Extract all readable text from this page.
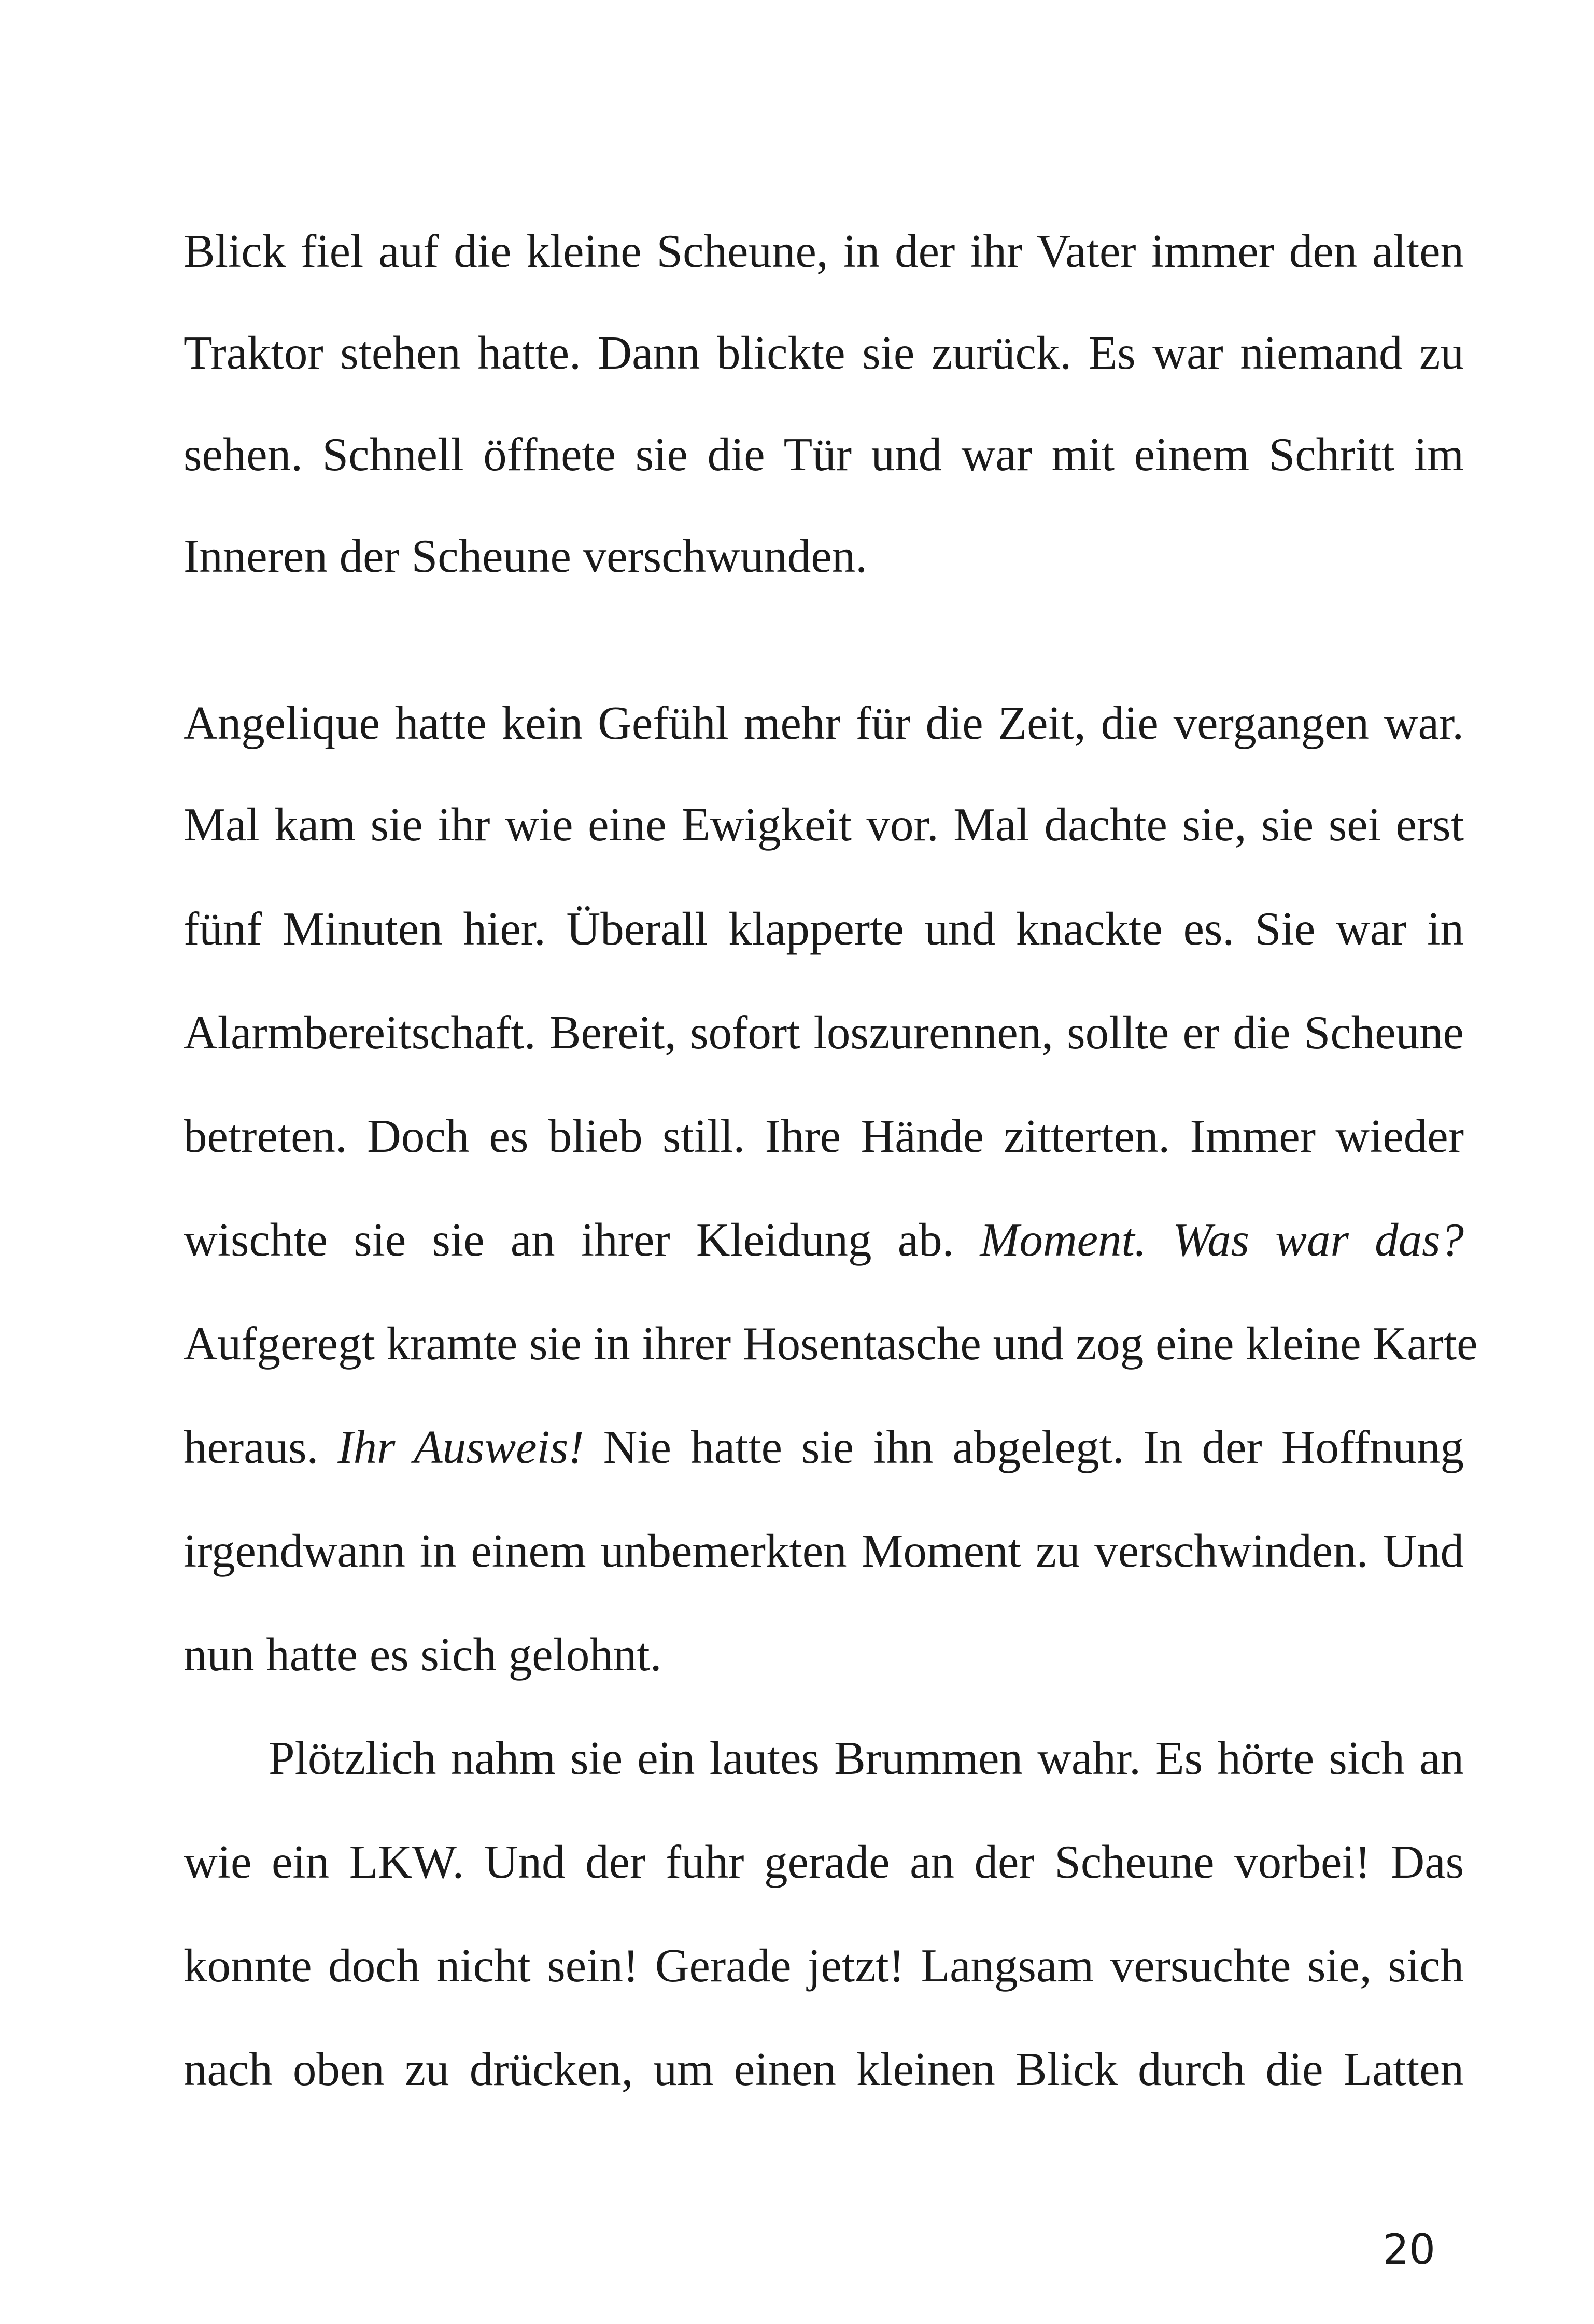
Blick fiel auf die kleine Scheune, in der ihr Vater immer den alten
Traktor stehen hatte. Dann blickte sie zurück. Es war niemand zu
sehen. Schnell öffnete sie die Tür und war mit einem Schritt im
Inneren der Scheune verschwunden.
Angelique hatte kein Gefühl mehr für die Zeit, die vergangen war.
Mal kam sie ihr wie eine Ewigkeit vor. Mal dachte sie, sie sei erst
fünf Minuten hier. Überall klapperte und knackte es. Sie war in
Alarmbereitschaft. Bereit, sofort loszurennen, sollte er die Scheune
betreten. Doch es blieb still. Ihre Hände zitterten. Immer wieder
wischte sie sie an ihrer Kleidung ab. Moment. Was war das?
Aufgeregt kramte sie in ihrer Hosentasche und zog eine kleine Karte
heraus. Ihr Ausweis! Nie hatte sie ihn abgelegt. In der Hoffnung
irgendwann in einem unbemerkten Moment zu verschwinden. Und
nun hatte es sich gelohnt.
Plötzlich nahm sie ein lautes Brummen wahr. Es hörte sich an
wie ein LKW. Und der fuhr gerade an der Scheune vorbei! Das
konnte doch nicht sein! Gerade jetzt! Langsam versuchte sie, sich
nach oben zu drücken, um einen kleinen Blick durch die Latten
20
